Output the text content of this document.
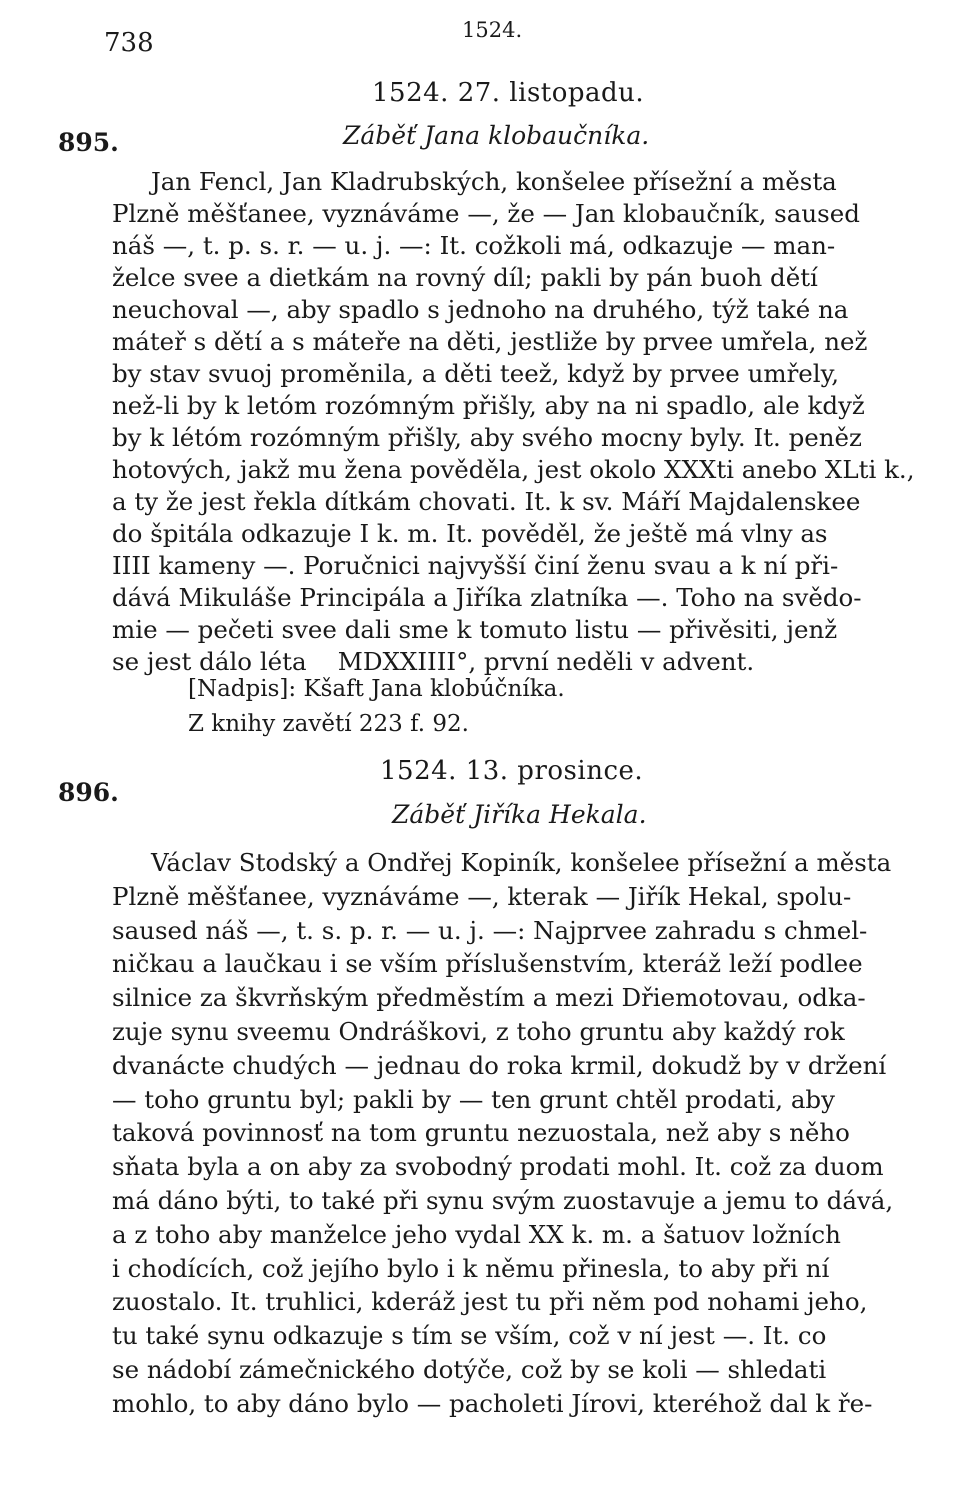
738	1524.
895.
1524. 27. listopadu.
Záběť Jana klobaučníka.
Jan Fencl, Jan Kladrubských, konšelee přísežní a města
Plzně měšťanee, vyznáváme —, že — Jan klobaučník, saused
náš —, t. p. s. r. — u. j. —: It. cožkoli má, odkazuje — man-
želce svee a dietkám na rovný díl; pakli by pán buoh dětí
neuchoval —, aby spadlo s jednoho na druhého, týž také na
máteř s dětí a s mátеře na děti, jestliže by prvee umřela, než
by stav svuoj proměnila, a děti teež, když by prvee umřely,
než-li by k letóm rozómným přišly, aby na ni spadlo, ale když
by k létóm rozómným přišly, aby svého mocny byly. It. peněz
hotových, jakž mu žena pověděla, jest okolo XXXti anebo XLti k.,
a ty že jest řekla dítkám chovati. It. k sv. Máří Majdalenskee
do špitála odkazuje I k. m. It. pověděl, že ještě má vlny as
IIII kameny —. Poručnici najvyšší činí ženu svau a k ní při-
dává Mikuláše Principála a Jiříka zlatníka —. Toho na svědo-
mie — pečeti svee dali sme k tomuto listu — přivěsiti, jenž
se jest dálo léta    MDXXIIII°, první neděli v advent.
[Nadpis]: Kšaft Jana klobúčníka.
Z knihy zavětí 223 f. 92.
896.
1524. 13. prosince.
Záběť Jiříka Hekala.
Václav Stodský a Ondřej Kopiník, konšelee přísežní a města
Plzně měšťanee, vyznáváme —, kterak — Jiřík Hekal, spolu-
saused náš —, t. s. p. r. — u. j. —: Najprvee zahradu s chmel-
ničkau a laučkau i se vším příslušenstvím, kteráž leží podlee
silnice za škvrňským předměstím a mezi Dřiemotovau, odka-
zuje synu sveemu Ondráškovi, z toho gruntu aby každý rok
dvanácte chudých — jednau do roka krmil, dokudž by v držení
— toho gruntu byl; pakli by — ten grunt chtěl prodati, aby
taková povinnosť na tom gruntu nezuostala, než aby s něho
sňata byla a on aby za svobodný prodati mohl. It. což za duom
má dáno býti, to také při synu svým zuostavuje a jemu to dává,
a z toho aby manželce jeho vydal XX k. m. a šatuov ložních
i chodících, což jejího bylo i k němu přinesla, to aby při ní
zuostalo. It. truhlici, kderáž jest tu při něm pod nohami jeho,
tu také synu odkazuje s tím se vším, což v ní jest —. It. co
se nádobí zámečnického dotýče, což by se koli — shledati
mohlo, to aby dáno bylo — pacholeti Jírovi, kteréhož dal k ře-
